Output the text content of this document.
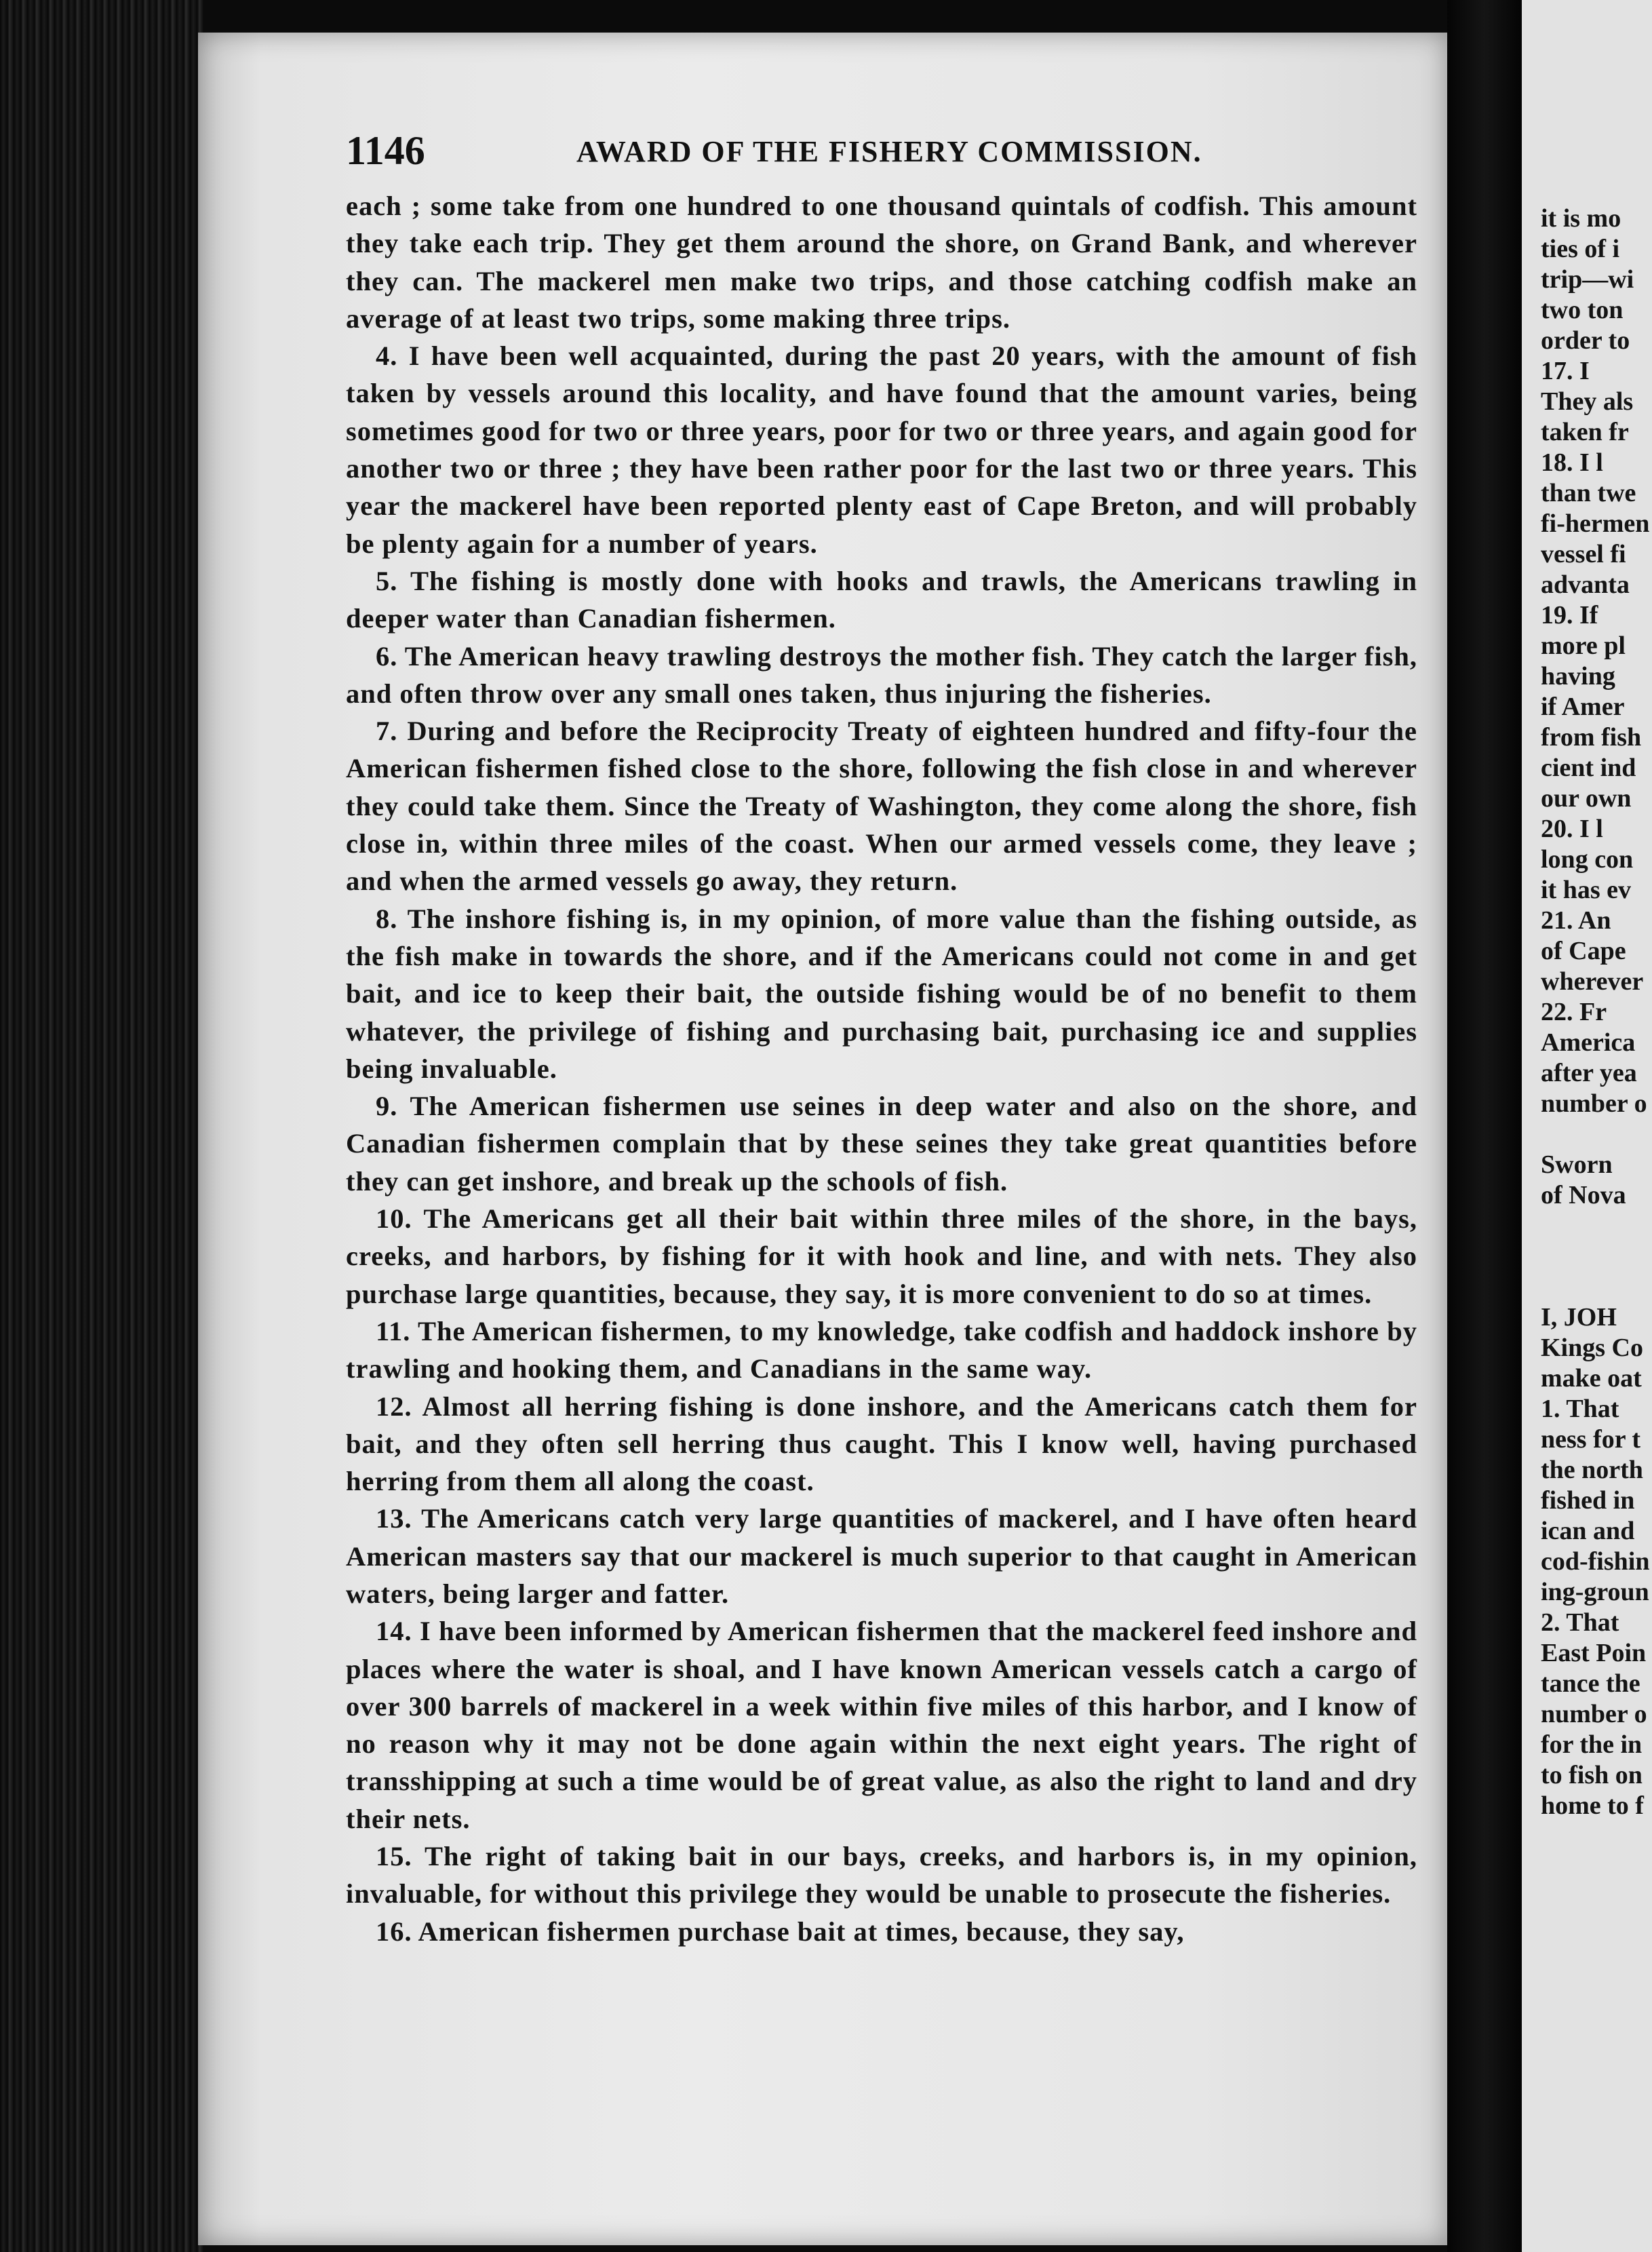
1146	AWARD OF THE FISHERY COMMISSION.

each ; some take from one hundred to one thousand quintals of codfish. This amount they take each trip. They get them around the shore, on Grand Bank, and wherever they can. The mackerel men make two trips, and those catching codfish make an average of at least two trips, some making three trips.

4. I have been well acquainted, during the past 20 years, with the amount of fish taken by vessels around this locality, and have found that the amount varies, being sometimes good for two or three years, poor for two or three years, and again good for another two or three ; they have been rather poor for the last two or three years. This year the mackerel have been reported plenty east of Cape Breton, and will probably be plenty again for a number of years.

5. The fishing is mostly done with hooks and trawls, the Americans trawling in deeper water than Canadian fishermen.

6. The American heavy trawling destroys the mother fish. They catch the larger fish, and often throw over any small ones taken, thus injuring the fisheries.

7. During and before the Reciprocity Treaty of eighteen hundred and fifty-four the American fishermen fished close to the shore, following the fish close in and wherever they could take them. Since the Treaty of Washington, they come along the shore, fish close in, within three miles of the coast. When our armed vessels come, they leave ; and when the armed vessels go away, they return.

8. The inshore fishing is, in my opinion, of more value than the fishing outside, as the fish make in towards the shore, and if the Americans could not come in and get bait, and ice to keep their bait, the outside fishing would be of no benefit to them whatever, the privilege of fishing and purchasing bait, purchasing ice and supplies being invaluable.

9. The American fishermen use seines in deep water and also on the shore, and Canadian fishermen complain that by these seines they take great quantities before they can get inshore, and break up the schools of fish.

10. The Americans get all their bait within three miles of the shore, in the bays, creeks, and harbors, by fishing for it with hook and line, and with nets. They also purchase large quantities, because, they say, it is more convenient to do so at times.

11. The American fishermen, to my knowledge, take codfish and haddock inshore by trawling and hooking them, and Canadians in the same way.

12. Almost all herring fishing is done inshore, and the Americans catch them for bait, and they often sell herring thus caught. This I know well, having purchased herring from them all along the coast.

13. The Americans catch very large quantities of mackerel, and I have often heard American masters say that our mackerel is much superior to that caught in American waters, being larger and fatter.

14. I have been informed by American fishermen that the mackerel feed inshore and places where the water is shoal, and I have known American vessels catch a cargo of over 300 barrels of mackerel in a week within five miles of this harbor, and I know of no reason why it may not be done again within the next eight years. The right of transshipping at such a time would be of great value, as also the right to land and dry their nets.

15. The right of taking bait in our bays, creeks, and harbors is, in my opinion, invaluable, for without this privilege they would be unable to prosecute the fisheries.

16. American fishermen purchase bait at times, because, they say,

it is mo
ties of i
trip—wi
two ton
order to
17. I
They als
taken fr
18. I l
than twe
fi-hermen
vessel fi
advanta
19. If
more pl
having
if Amer
from fish
cient ind
our own
20. I l
long con
it has ev
21. An
of Cape
wherever
22. Fr
America
after yea
number o
Sworn
of Nova
I, JOH
Kings Co
make oat
1. That
ness for t
the north
fished in
ican and
cod-fishin
ing-groun
2. That
East Poin
tance the
number o
for the in
to fish on
home to f
